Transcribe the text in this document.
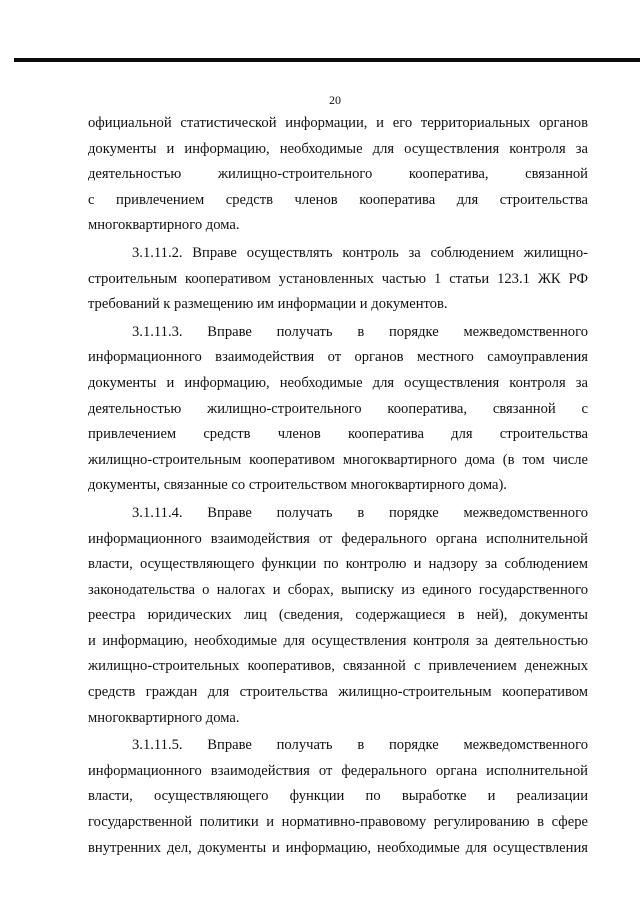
20
официальной статистической информации, и его территориальных органов
документы и информацию, необходимые для осуществления контроля за
деятельностью жилищно-строительного кооператива, связанной
с привлечением средств членов кооператива для строительства
многоквартирного дома.
3.1.11.2. Вправе осуществлять контроль за соблюдением жилищно-
строительным кооперативом установленных частью 1 статьи 123.1 ЖК РФ
требований к размещению им информации и документов.
3.1.11.3. Вправе получать в порядке межведомственного
информационного взаимодействия от органов местного самоуправления
документы и информацию, необходимые для осуществления контроля за
деятельностью жилищно-строительного кооператива, связанной с
привлечением средств членов кооператива для строительства
жилищно-строительным кооперативом многоквартирного дома (в том числе
документы, связанные со строительством многоквартирного дома).
3.1.11.4. Вправе получать в порядке межведомственного
информационного взаимодействия от федерального органа исполнительной
власти, осуществляющего функции по контролю и надзору за соблюдением
законодательства о налогах и сборах, выписку из единого государственного
реестра юридических лиц (сведения, содержащиеся в ней), документы
и информацию, необходимые для осуществления контроля за деятельностью
жилищно-строительных кооперативов, связанной с привлечением денежных
средств граждан для строительства жилищно-строительным кооперативом
многоквартирного дома.
3.1.11.5. Вправе получать в порядке межведомственного
информационного взаимодействия от федерального органа исполнительной
власти, осуществляющего функции по выработке и реализации
государственной политики и нормативно-правовому регулированию в сфере
внутренних дел, документы и информацию, необходимые для осуществления
